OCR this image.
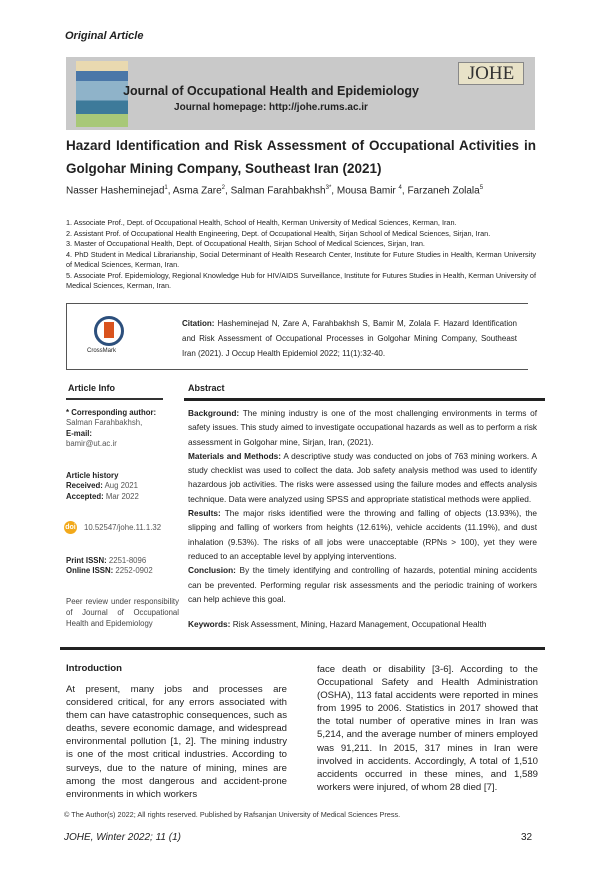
Original Article
Journal of Occupational Health and Epidemiology
Journal homepage: http://johe.rums.ac.ir
JOHE
Hazard Identification and Risk Assessment of Occupational Activities in
Golgohar Mining Company, Southeast Iran (2021)
Nasser Hasheminejad$^1$, Asma Zare$^2$, Salman Farahbakhsh$^{3*}$, Mousa Bamir $^4$, Farzaneh Zolala$^5$
1. Associate Prof., Dept. of Occupational Health, School of Health, Kerman University of Medical Sciences, Kerman, Iran.
2. Assistant Prof. of Occupational Health Engineering, Dept. of Occupational Health, Sirjan School of Medical Sciences, Sirjan, Iran.
3. Master of Occupational Health, Dept. of Occupational Health, Sirjan School of Medical Sciences, Sirjan, Iran.
4. PhD Student in Medical Librarianship, Social Determinant of Health Research Center, Institute for Future Studies in Health, Kerman University of Medical Sciences, Kerman, Iran.
5. Associate Prof. Epidemiology, Regional Knowledge Hub for HIV/AIDS Surveillance, Institute for Futures Studies in Health, Kerman University of Medical Sciences, Kerman, Iran.
CrossMark
Citation: Hasheminejad N, Zare A, Farahbakhsh S, Bamir M, Zolala F. Hazard Identification and Risk Assessment of Occupational Processes in Golgohar Mining Company, Southeast Iran (2021). J Occup Health Epidemiol 2022; 11(1):32-40.
Article Info	Abstract
* Corresponding author:
Salman Farahbakhsh,
E-mail:
bamir@ut.ac.ir
Article history
Received: Aug 2021
Accepted: Mar 2022
doi 10.52547/johe.11.1.32
Print ISSN: 2251-8096
Online ISSN: 2252-0902
Peer review under responsibility of Journal of Occupational Health and Epidemiology

Background: The mining industry is one of the most challenging environments in terms of safety issues. This study aimed to investigate occupational hazards as well as to perform a risk assessment in Golgohar mine, Sirjan, Iran, (2021).

Materials and Methods: A descriptive study was conducted on jobs of 763 mining workers. A study checklist was used to collect the data. Job safety analysis method was used to identify hazardous job activities. The risks were assessed using the failure modes and effects analysis technique. Data were analyzed using SPSS and appropriate statistical methods were applied.

Results: The major risks identified were the throwing and falling of objects (13.93%), the slipping and falling of workers from heights (12.61%), vehicle accidents (11.19%), and dust inhalation (9.53%). The risks of all jobs were unacceptable (RPNs > 100), yet they were reduced to an acceptable level by applying interventions.

Conclusion: By the timely identifying and controlling of hazards, potential mining accidents can be prevented. Performing regular risk assessments and the periodic training of workers can help achieve this goal.

Keywords: Risk Assessment, Mining, Hazard Management, Occupational Health

Introduction
At present, many jobs and processes are considered critical, for any errors associated with them can have catastrophic consequences, such as deaths, severe economic damage, and widespread environmental pollution [1, 2]. The mining industry is one of the most critical industries. According to surveys, due to the nature of mining, mines are among the most dangerous and accident-prone environments in which workers
face death or disability [3-6]. According to the Occupational Safety and Health Administration (OSHA), 113 fatal accidents were reported in mines from 1995 to 2006. Statistics in 2017 showed that the total number of operative mines in Iran was 5,214, and the average number of miners employed was 91,211. In 2015, 317 mines in Iran were involved in accidents. Accordingly, A total of 1,510 accidents occurred in these mines, and 1,589 workers were injured, of whom 28 died [7].
© The Author(s) 2022; All rights reserved. Published by Rafsanjan University of Medical Sciences Press.
JOHE, Winter 2022; 11 (1)	32
